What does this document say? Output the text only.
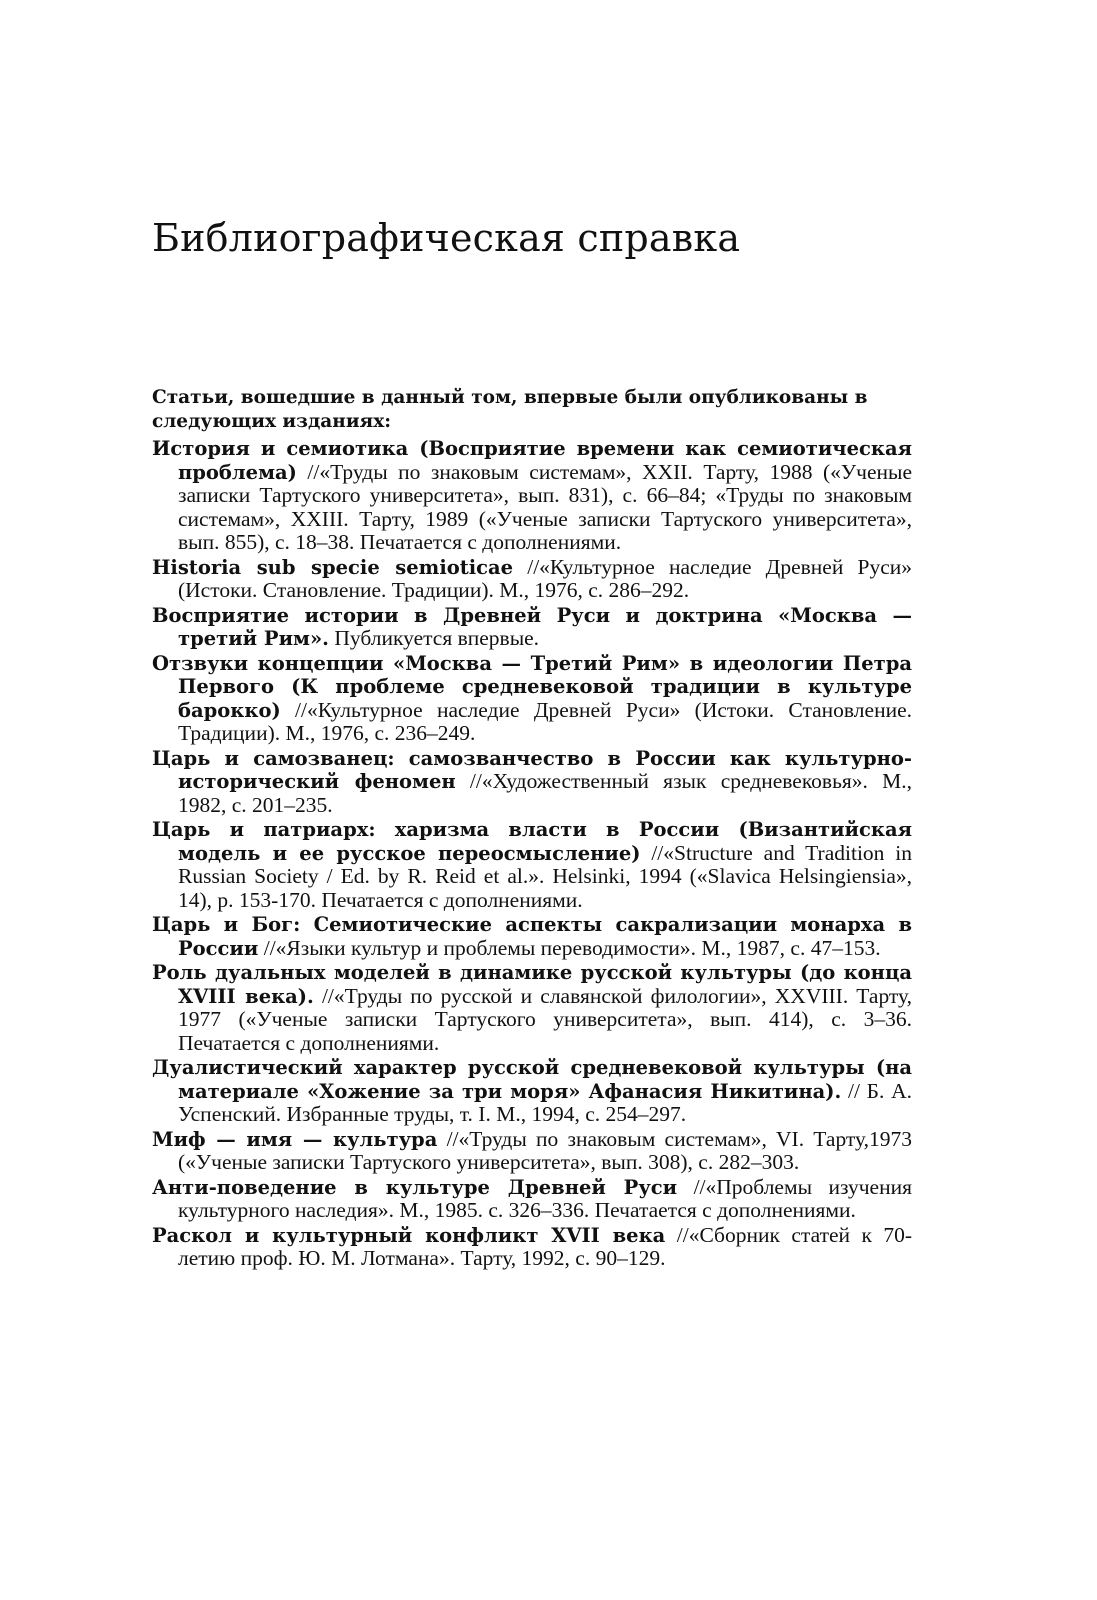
Библиографическая справка

Статьи, вошедшие в данный том, впервые были опубликованы в следующих изданиях:

История и семиотика (Восприятие времени как семиотическая проблема) //«Труды по знаковым системам», XXII. Тарту, 1988 («Ученые записки Тартуского университета», вып. 831), с. 66–84; «Труды по знаковым системам», XXIII. Тарту, 1989 («Ученые записки Тартуского университета», вып. 855), с. 18–38. Печатается с дополнениями.

Historia sub specie semioticae //«Культурное наследие Древней Руси» (Истоки. Становление. Традиции). М., 1976, с. 286–292.

Восприятие истории в Древней Руси и доктрина «Москва — третий Рим». Публикуется впервые.

Отзвуки концепции «Москва — Третий Рим» в идеологии Петра Первого (К проблеме средневековой традиции в культуре барокко) //«Культурное наследие Древней Руси» (Истоки. Становление. Традиции). М., 1976, с. 236–249.

Царь и самозванец: самозванчество в России как культурно-исторический феномен //«Художественный язык средневековья». М., 1982, с. 201–235.

Царь и патриарх: харизма власти в России (Византийская модель и ее русское переосмысление) //«Structure and Tradition in Russian Society / Ed. by R. Reid et al.». Helsinki, 1994 («Slavica Helsingiensia», 14), p. 153-170. Печатается с дополнениями.

Царь и Бог: Семиотические аспекты сакрализации монарха в России //«Языки культур и проблемы переводимости». М., 1987, с. 47–153.

Роль дуальных моделей в динамике русской культуры (до конца XVIII века). //«Труды по русской и славянской филологии», XXVIII. Тарту, 1977 («Ученые записки Тартуского университета», вып. 414), с. 3–36. Печатается с дополнениями.

Дуалистический характер русской средневековой культуры (на материале «Хожение за три моря» Афанасия Никитина). // Б. А. Успенский. Избранные труды, т. I. М., 1994, с. 254–297.

Миф — имя — культура //«Труды по знаковым системам», VI. Тарту,1973 («Ученые записки Тартуского университета», вып. 308), с. 282–303.

Анти-поведение в культуре Древней Руси //«Проблемы изучения культурного наследия». М., 1985. с. 326–336. Печатается с дополнениями.

Раскол и культурный конфликт XVII века //«Сборник статей к 70-летию проф. Ю. М. Лотмана». Тарту, 1992, с. 90–129.
